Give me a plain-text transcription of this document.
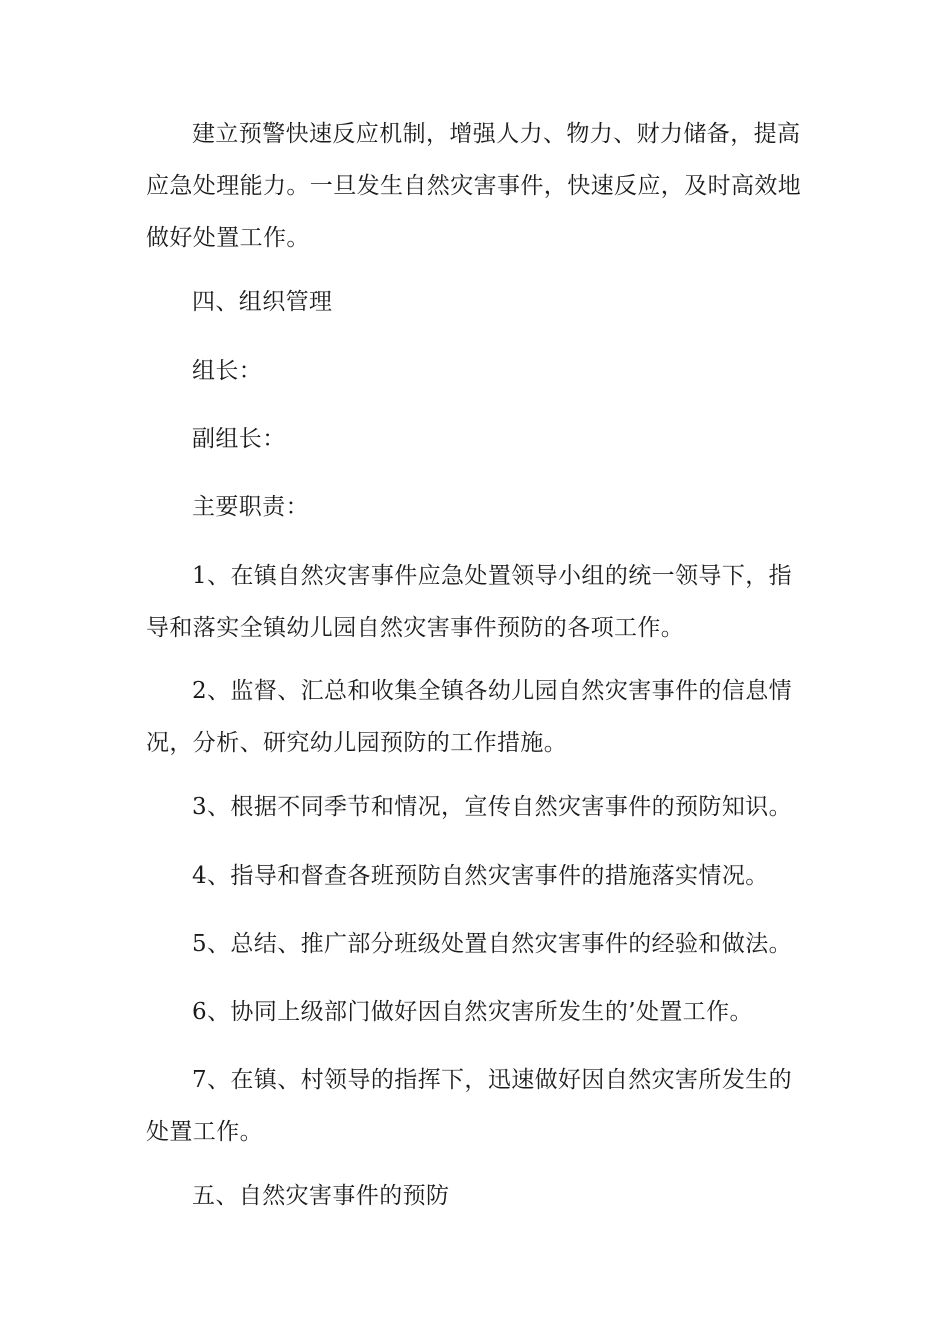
建立预警快速反应机制，增强人力、物力、财力储备，提高应急处理能力。一旦发生自然灾害事件，快速反应，及时高效地做好处置工作。

四、组织管理

组长：

副组长：

主要职责：

1、在镇自然灾害事件应急处置领导小组的统一领导下，指导和落实全镇幼儿园自然灾害事件预防的各项工作。

2、监督、汇总和收集全镇各幼儿园自然灾害事件的信息情况，分析、研究幼儿园预防的工作措施。

3、根据不同季节和情况，宣传自然灾害事件的预防知识。

4、指导和督查各班预防自然灾害事件的措施落实情况。

5、总结、推广部分班级处置自然灾害事件的经验和做法。

6、协同上级部门做好因自然灾害所发生的’处置工作。

7、在镇、村领导的指挥下，迅速做好因自然灾害所发生的处置工作。

五、自然灾害事件的预防
